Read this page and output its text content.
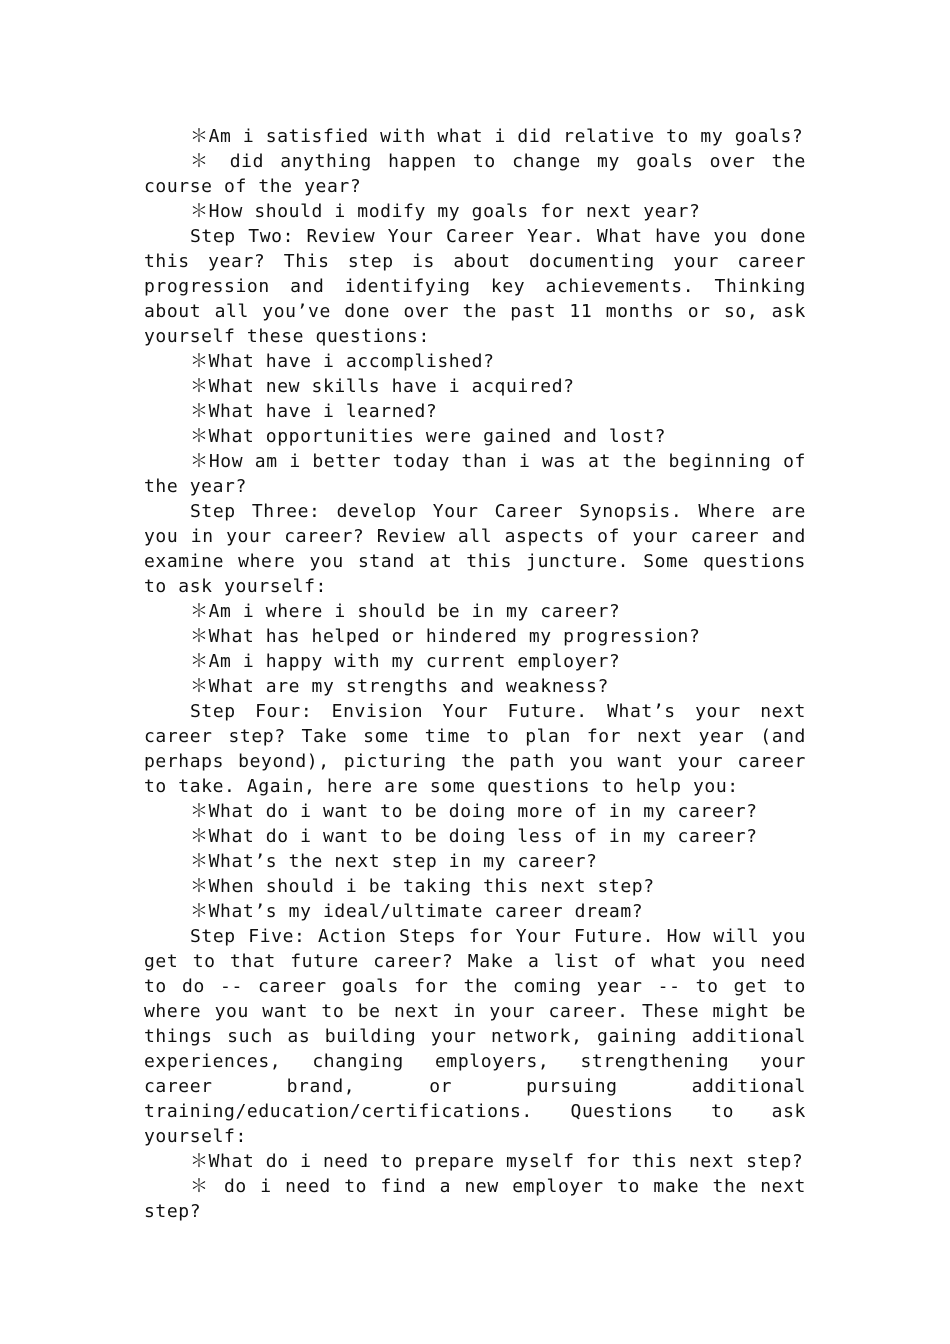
＊Am i satisfied with what i did relative to my goals?

＊ did anything happen to change my goals over the course of the year?

＊How should i modify my goals for next year?

Step Two: Review Your Career Year. What have you done this year? This step is about documenting your career progression and identifying key achievements. Thinking about all you’ve done over the past 11 months or so, ask yourself these questions:

＊What have i accomplished?

＊What new skills have i acquired?

＊What have i learned?

＊What opportunities were gained and lost?

＊How am i better today than i was at the beginning of the year?

Step Three: develop Your Career Synopsis. Where are you in your career? Review all aspects of your career and examine where you stand at this juncture. Some questions to ask yourself:

＊Am i where i should be in my career?

＊What has helped or hindered my progression?

＊Am i happy with my current employer?

＊What are my strengths and weakness?

Step Four: Envision Your Future. What’s your next career step? Take some time to plan for next year (and perhaps beyond), picturing the path you want your career to take. Again, here are some questions to help you:

＊What do i want to be doing more of in my career?

＊What do i want to be doing less of in my career?

＊What’s the next step in my career?

＊When should i be taking this next step?

＊What’s my ideal/ultimate career dream?

Step Five: Action Steps for Your Future. How will you get to that future career? Make a list of what you need to do -- career goals for the coming year -- to get to where you want to be next in your career. These might be things such as building your network, gaining additional experiences, changing employers, strengthening your career brand, or pursuing additional training/education/certifications. Questions to ask yourself:

＊What do i need to prepare myself for this next step?

＊ do i need to find a new employer to make the next step?
